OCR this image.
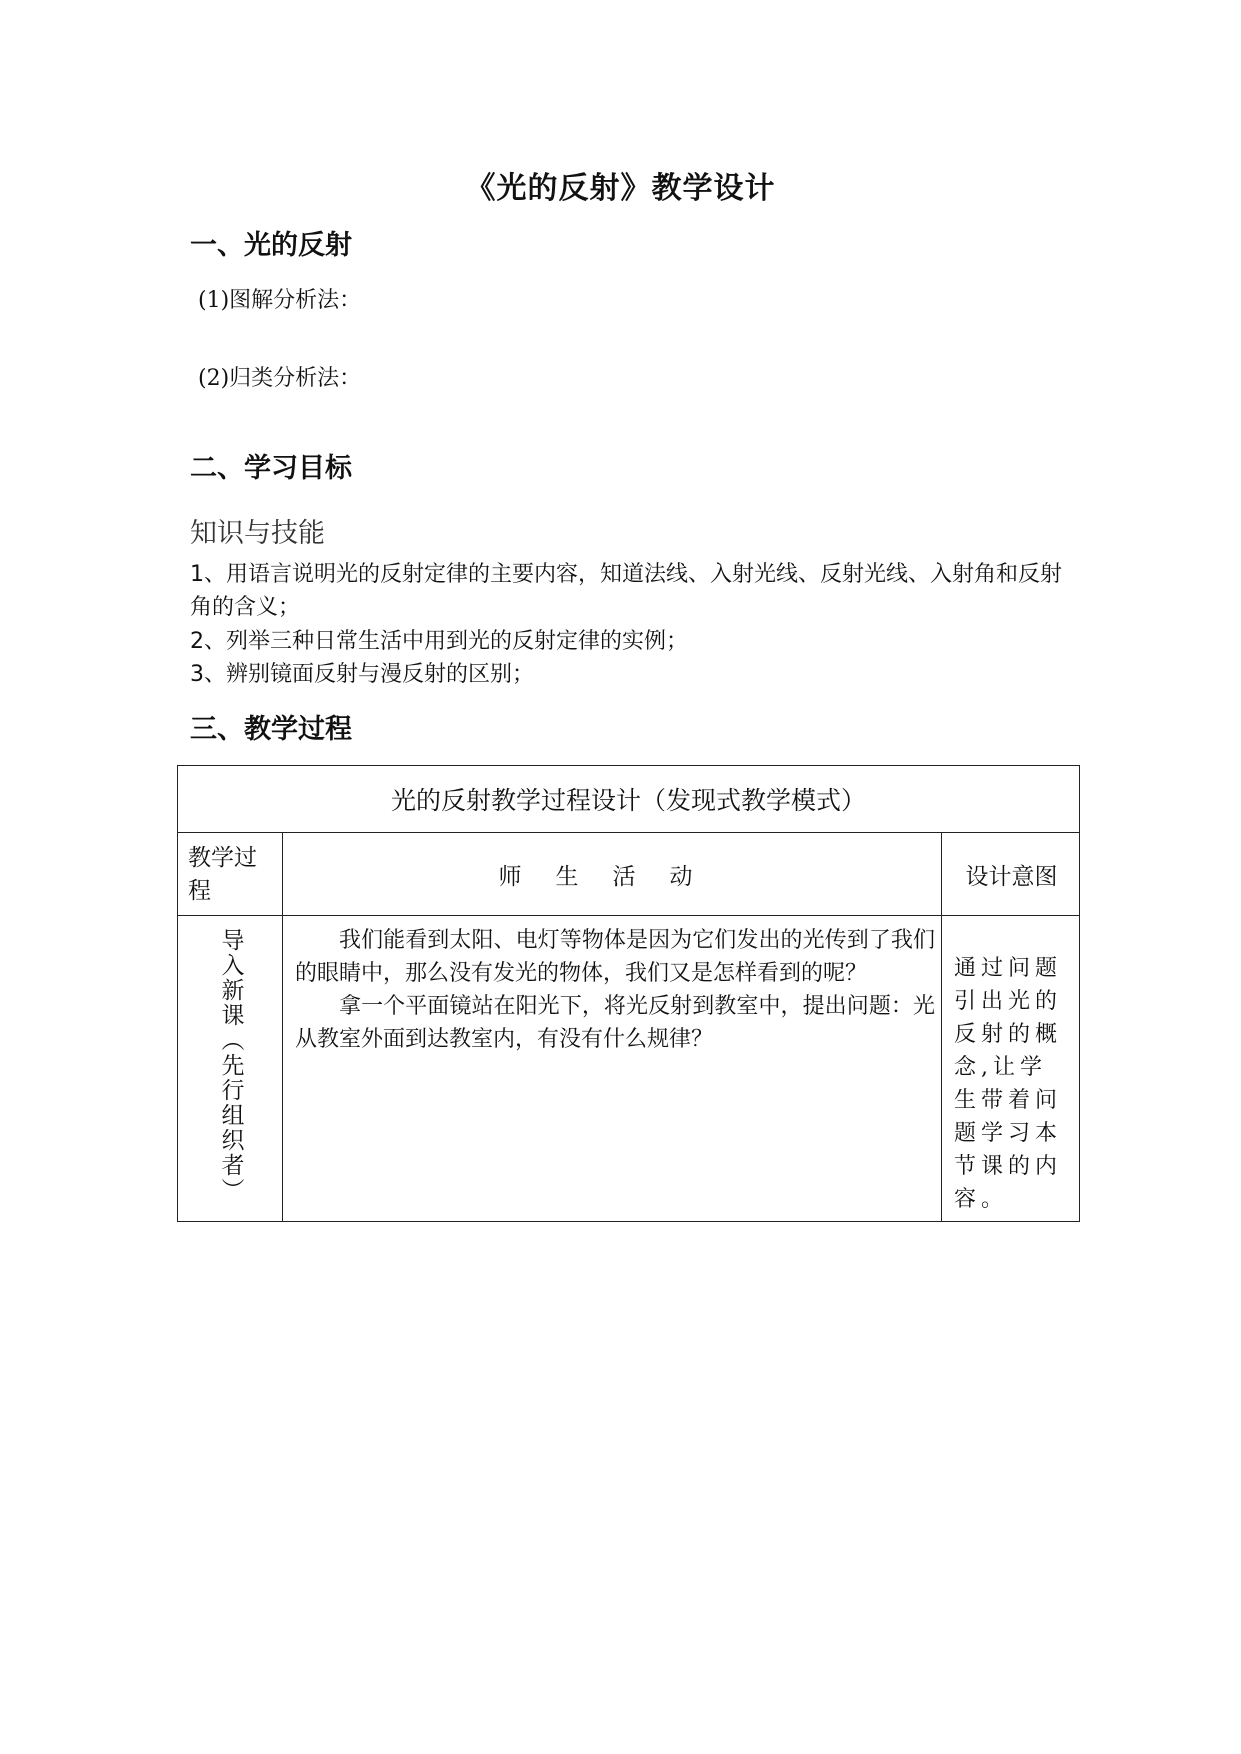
《光的反射》教学设计
一、光的反射
(1)图解分析法：
(2)归类分析法：
二、学习目标
知识与技能
1、用语言说明光的反射定律的主要内容，知道法线、入射光线、反射光线、入射角和反射角的含义；
2、列举三种日常生活中用到光的反射定律的实例；
3、辨别镜面反射与漫反射的区别；
三、教学过程
光的反射教学过程设计（发现式教学模式）
教学过程
师生活动	设计意图
导入新课（先行组织者）	我们能看到太阳、电灯等物体是因为它们发出的光传到了我们的眼睛中，那么没有发光的物体，我们又是怎样看到的呢？

拿一个平面镜站在阳光下，将光反射到教室中，提出问题：光从教室外面到达教室内，有没有什么规律？

通过问题引出光的反射的概念,让学生带着问题学习本节课的内容。
